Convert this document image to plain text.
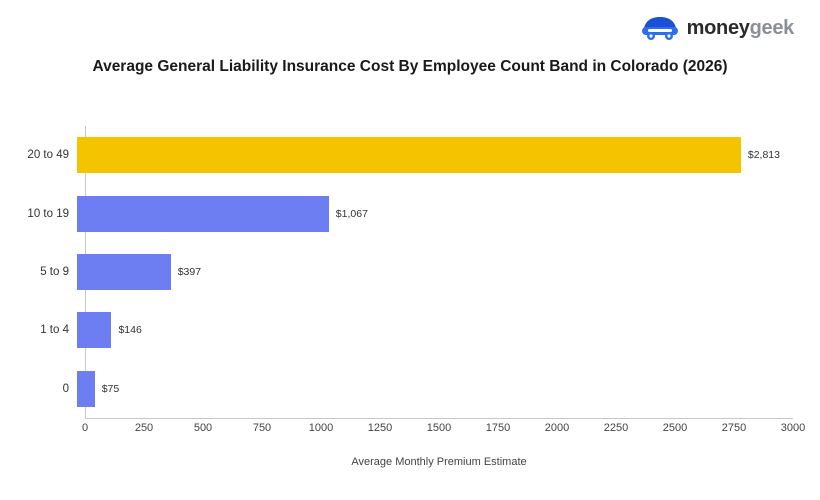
moneygeek
Average General Liability Insurance Cost By Employee Count Band in Colorado (2026)
20 to 49	$2,813
10 to 19	$1,067
5 to 9	$397
1 to 4	$146
0	$75
0	250	500	750	1000	1250	1500	1750	2000	2250	2500	2750	3000
Average Monthly Premium Estimate
